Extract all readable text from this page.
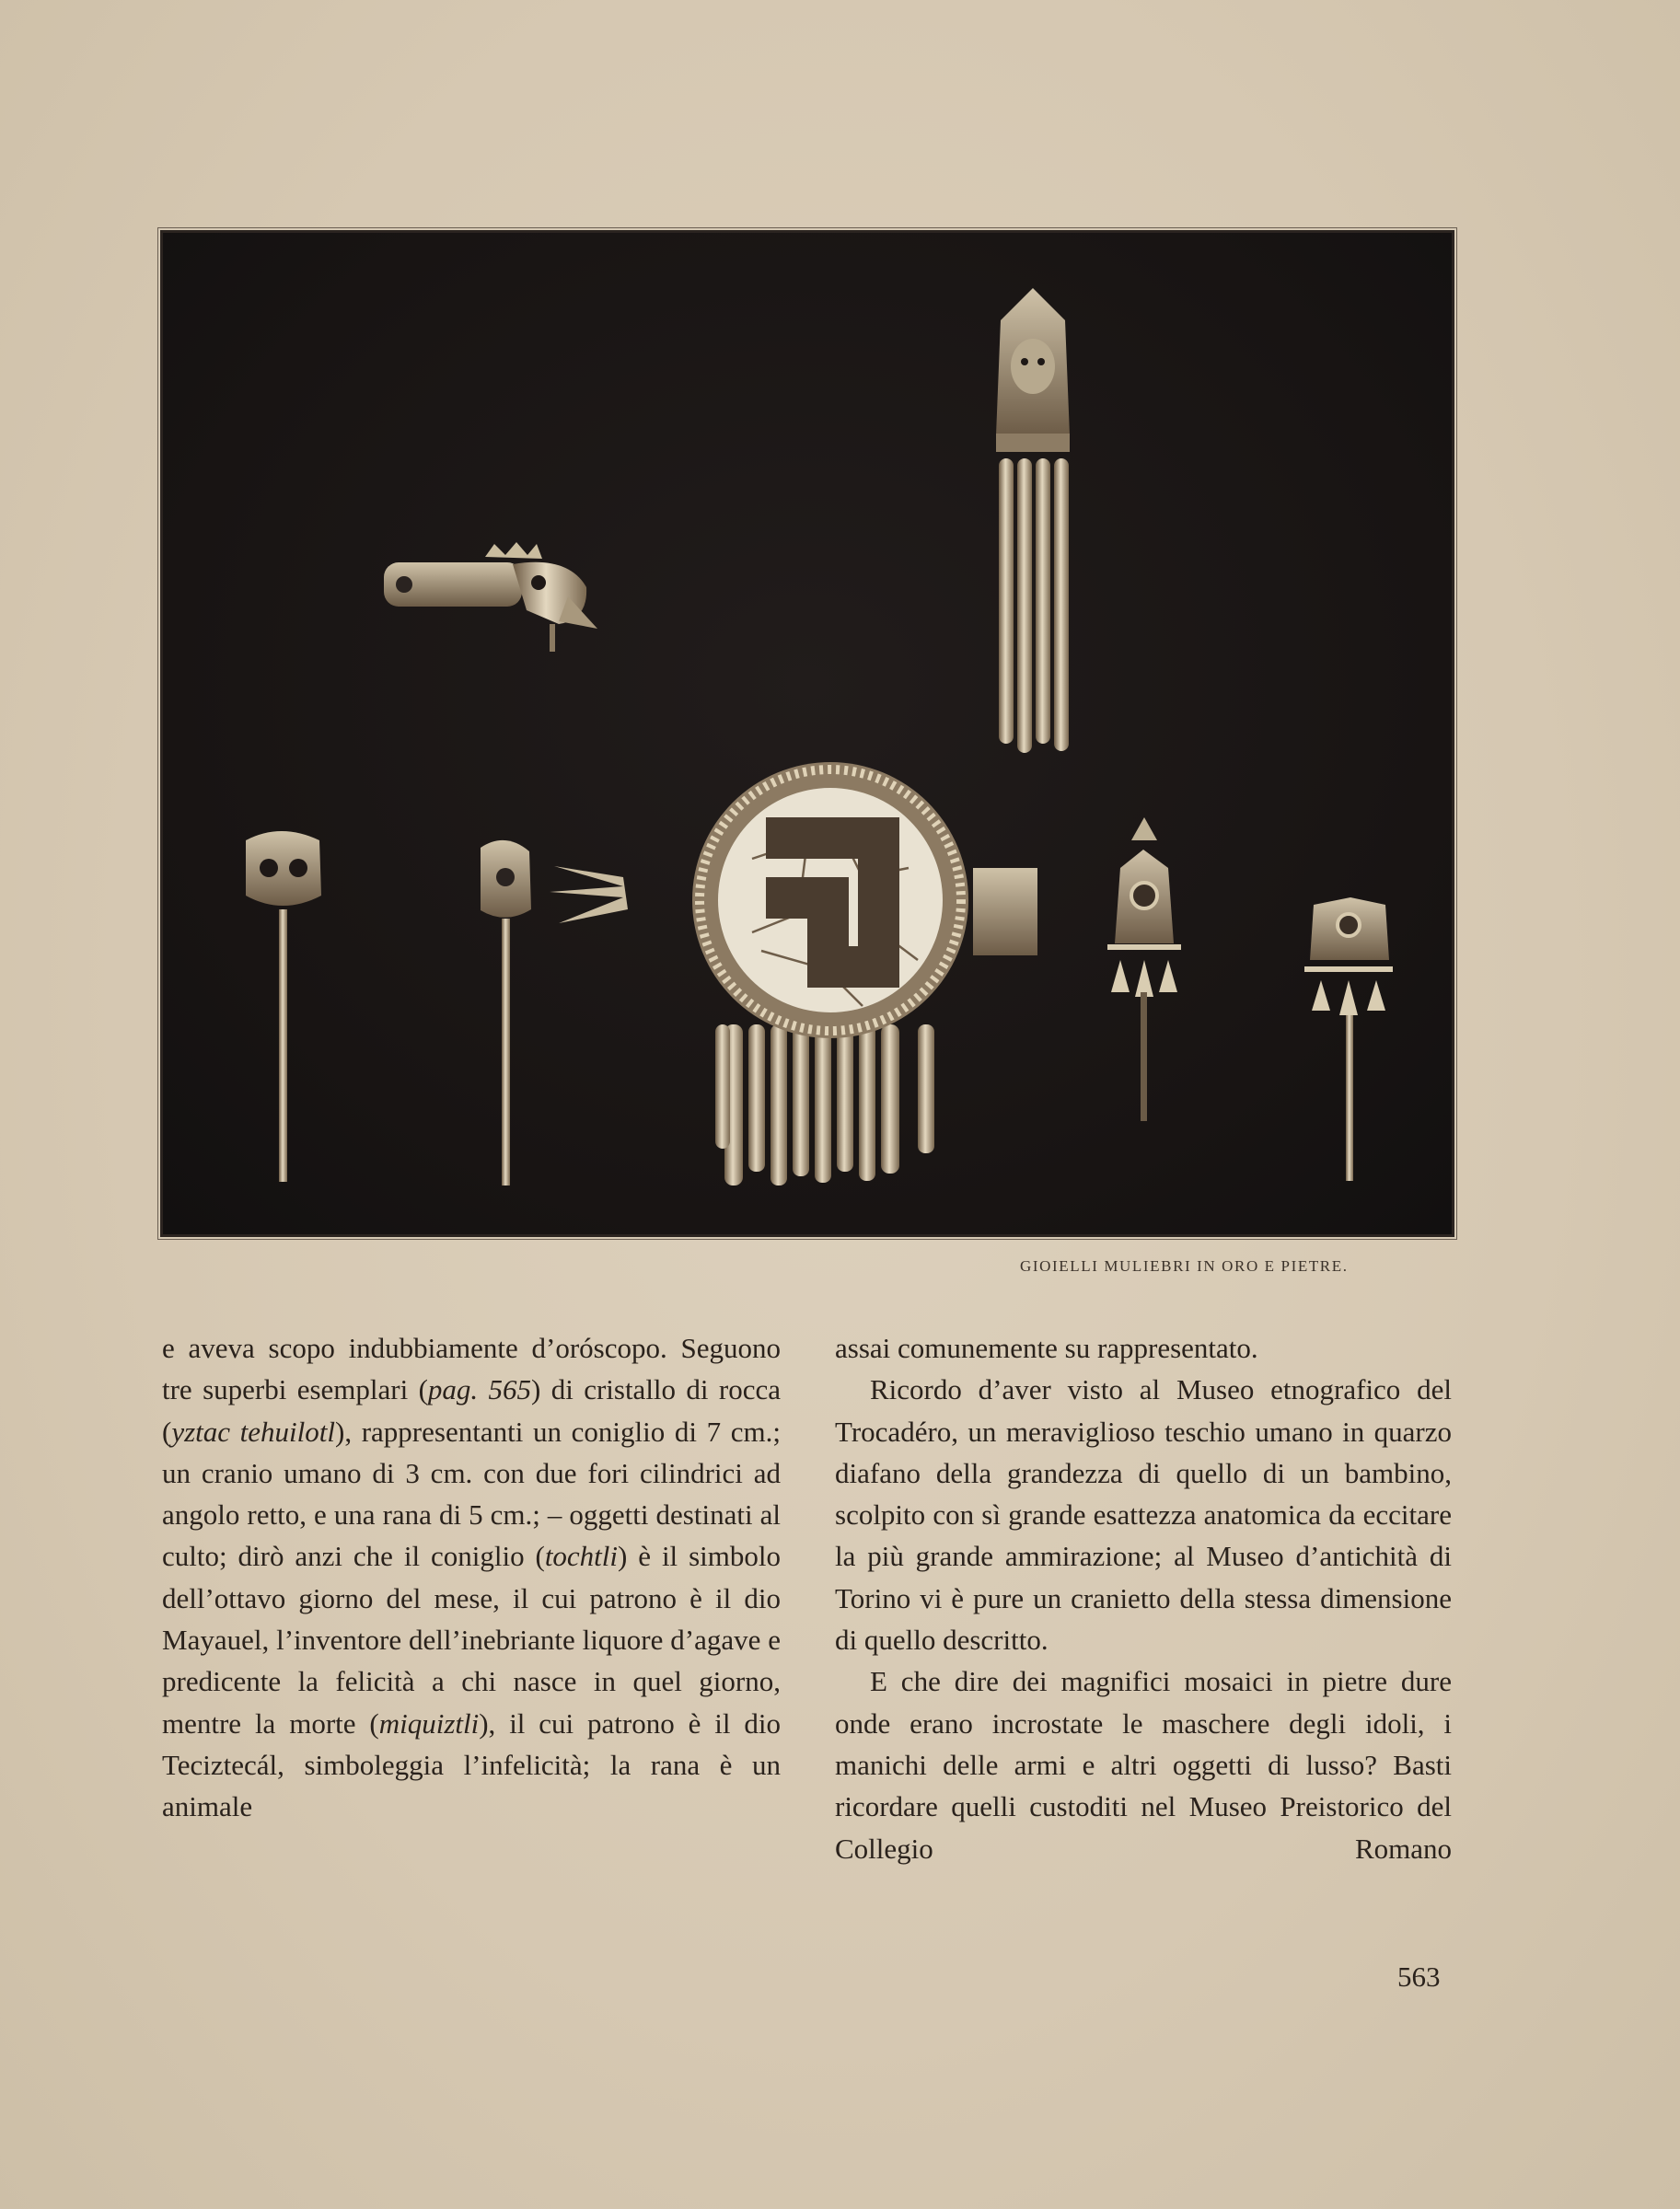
GIOIELLI MULIEBRI IN ORO E PIETRE.

e aveva scopo indubbiamente d’oróscopo. Seguono tre superbi esemplari (pag. 565) di cristallo di rocca (yztac tehuilotl), rappresentanti un coniglio di 7 cm.; un cranio umano di 3 cm. con due fori cilindrici ad angolo retto, e una rana di 5 cm.; – oggetti destinati al culto; dirò anzi che il coniglio (tochtli) è il simbolo dell’ottavo giorno del mese, il cui patrono è il dio Mayauel, l’inventore dell’inebriante liquore d’agave e predicente la felicità a chi nasce in quel giorno, mentre la morte (miquiztli), il cui patrono è il dio Teciztecál, simboleggia l’infelicità; la rana è un animale

assai comunemente su rappresentato.

Ricordo d’aver visto al Museo etnografico del Trocadéro, un meraviglioso teschio umano in quarzo diafano della grandezza di quello di un bambino, scolpito con sì grande esattezza anatomica da eccitare la più grande ammirazione; al Museo d’antichità di Torino vi è pure un cranietto della stessa dimensione di quello descritto.

E che dire dei magnifici mosaici in pietre dure onde erano incrostate le maschere degli idoli, i manichi delle armi e altri oggetti di lusso? Basti ricordare quelli custoditi nel Museo Preistorico del Collegio Romano

563
